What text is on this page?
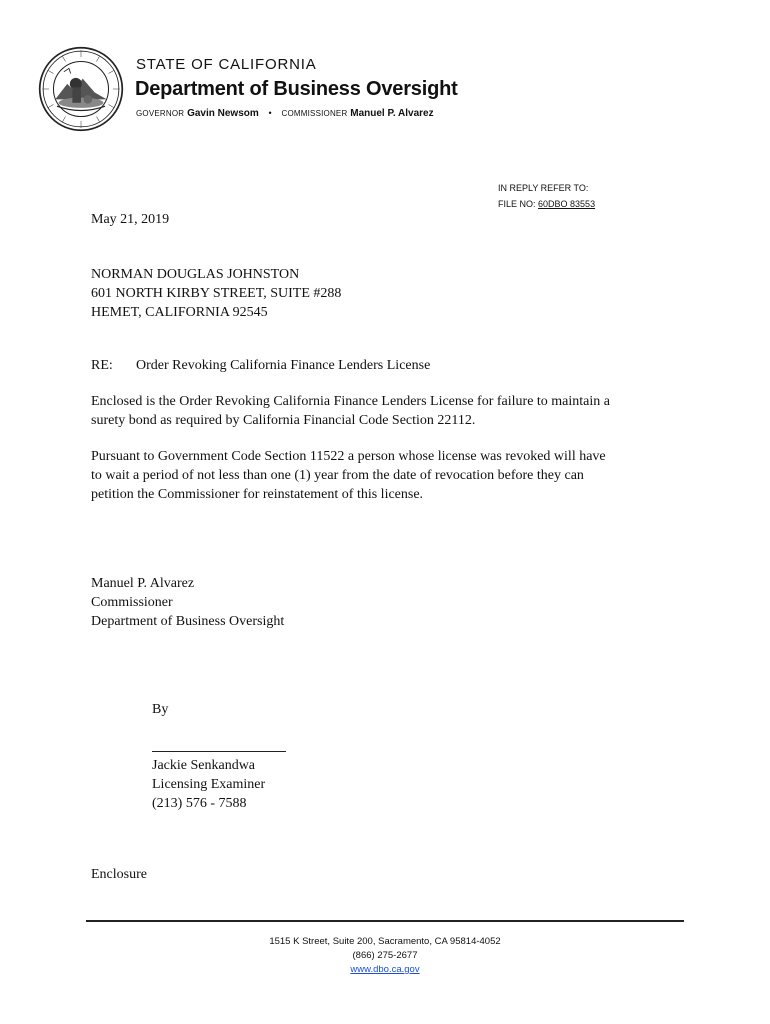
STATE OF CALIFORNIA
Department of Business Oversight
GOVERNOR Gavin Newsom • COMMISSIONER Manuel P. Alvarez
IN REPLY REFER TO:
FILE NO: 60DBO 83553
May 21, 2019
NORMAN DOUGLAS JOHNSTON
601 NORTH KIRBY STREET, SUITE #288
HEMET, CALIFORNIA 92545
RE: Order Revoking California Finance Lenders License
Enclosed is the Order Revoking California Finance Lenders License for failure to maintain a
surety bond as required by California Financial Code Section 22112.
Pursuant to Government Code Section 11522 a person whose license was revoked will have
to wait a period of not less than one (1) year from the date of revocation before they can
petition the Commissioner for reinstatement of this license.
Manuel P. Alvarez
Commissioner
Department of Business Oversight
By
Jackie Senkandwa
Licensing Examiner
(213) 576 - 7588
Enclosure
1515 K Street, Suite 200, Sacramento, CA 95814-4052
(866) 275-2677
www.dbo.ca.gov
